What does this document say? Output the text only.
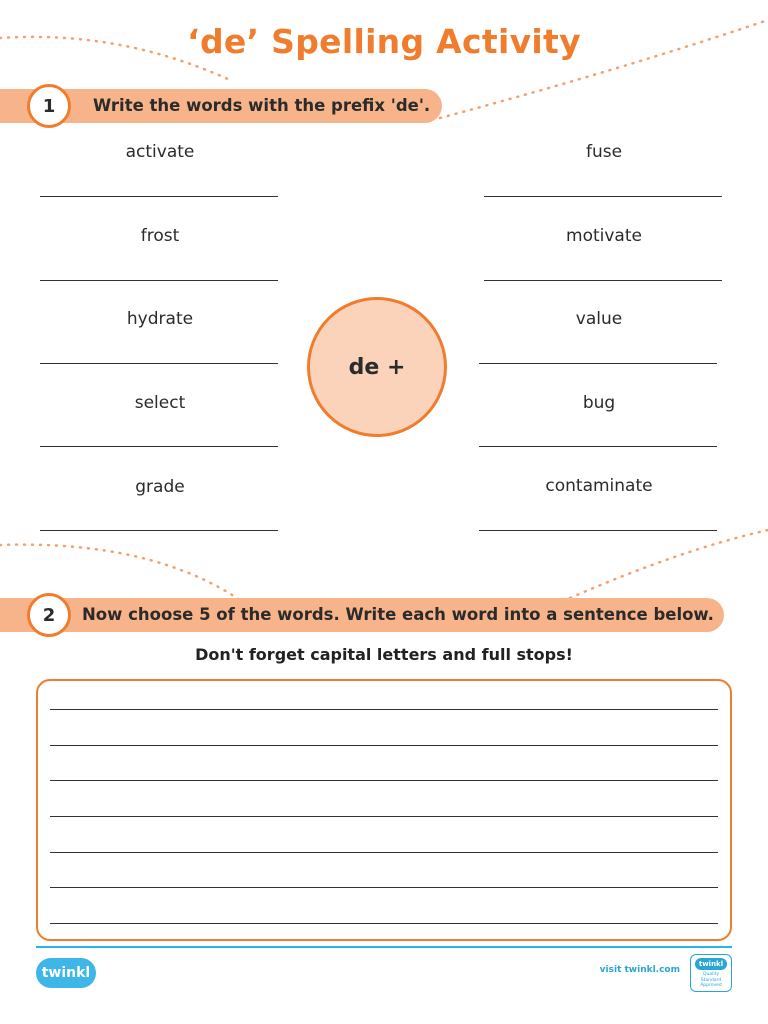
‘de’ Spelling Activity
Write the words with the prefix 'de'.
1
activate
frost
hydrate
select
grade
de +
fuse
motivate
value
bug
contaminate
Now choose 5 of the words. Write each word into a sentence below.
2
Don't forget capital letters and full stops!
twinkl	visit twinkl.com
twinkl
Quality Standard Approved
